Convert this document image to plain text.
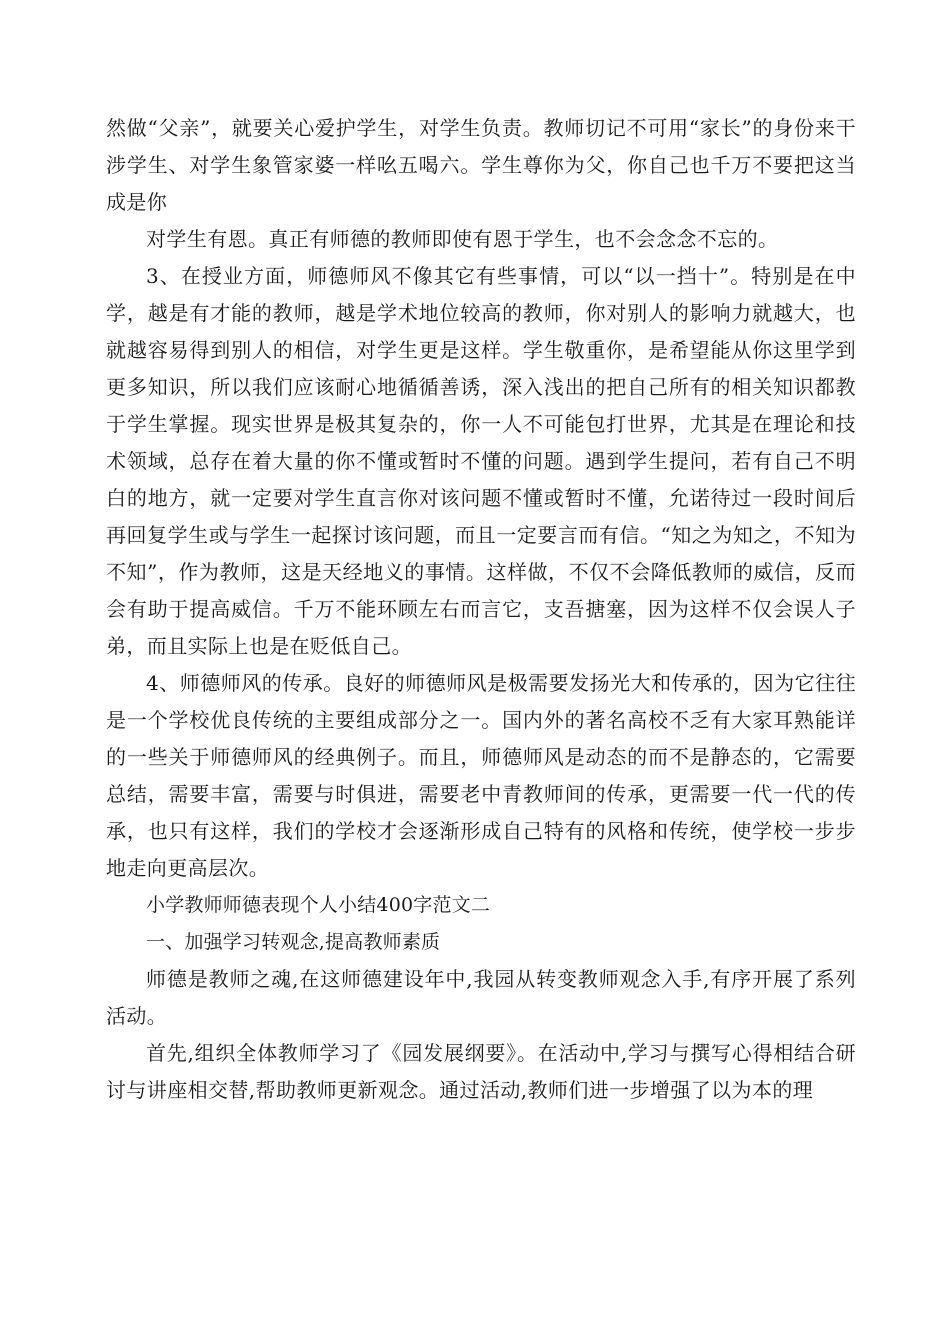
然做“父亲”，就要关心爱护学生，对学生负责。教师切记不可用“家长”的身份来干涉学生、对学生象管家婆一样吆五喝六。学生尊你为父，你自己也千万不要把这当成是你

对学生有恩。真正有师德的教师即使有恩于学生，也不会念念不忘的。

3、在授业方面，师德师风不像其它有些事情，可以“以一挡十”。特别是在中学，越是有才能的教师，越是学术地位较高的教师，你对别人的影响力就越大，也就越容易得到别人的相信，对学生更是这样。学生敬重你，是希望能从你这里学到更多知识，所以我们应该耐心地循循善诱，深入浅出的把自己所有的相关知识都教于学生掌握。现实世界是极其复杂的，你一人不可能包打世界，尤其是在理论和技术领域，总存在着大量的你不懂或暂时不懂的问题。遇到学生提问，若有自己不明白的地方，就一定要对学生直言你对该问题不懂或暂时不懂，允诺待过一段时间后再回复学生或与学生一起探讨该问题，而且一定要言而有信。“知之为知之，不知为不知”，作为教师，这是天经地义的事情。这样做，不仅不会降低教师的威信，反而会有助于提高威信。千万不能环顾左右而言它，支吾搪塞，因为这样不仅会误人子弟，而且实际上也是在贬低自己。

4、师德师风的传承。良好的师德师风是极需要发扬光大和传承的，因为它往往是一个学校优良传统的主要组成部分之一。国内外的著名高校不乏有大家耳熟能详的一些关于师德师风的经典例子。而且，师德师风是动态的而不是静态的，它需要总结，需要丰富，需要与时俱进，需要老中青教师间的传承，更需要一代一代的传承，也只有这样，我们的学校才会逐渐形成自己特有的风格和传统，使学校一步步地走向更高层次。

小学教师师德表现个人小结400字范文二

一、加强学习转观念,提高教师素质

师德是教师之魂,在这师德建设年中,我园从转变教师观念入手,有序开展了系列活动。

首先,组织全体教师学习了《园发展纲要》。在活动中,学习与撰写心得相结合研讨与讲座相交替,帮助教师更新观念。通过活动,教师们进一步增强了以为本的理
